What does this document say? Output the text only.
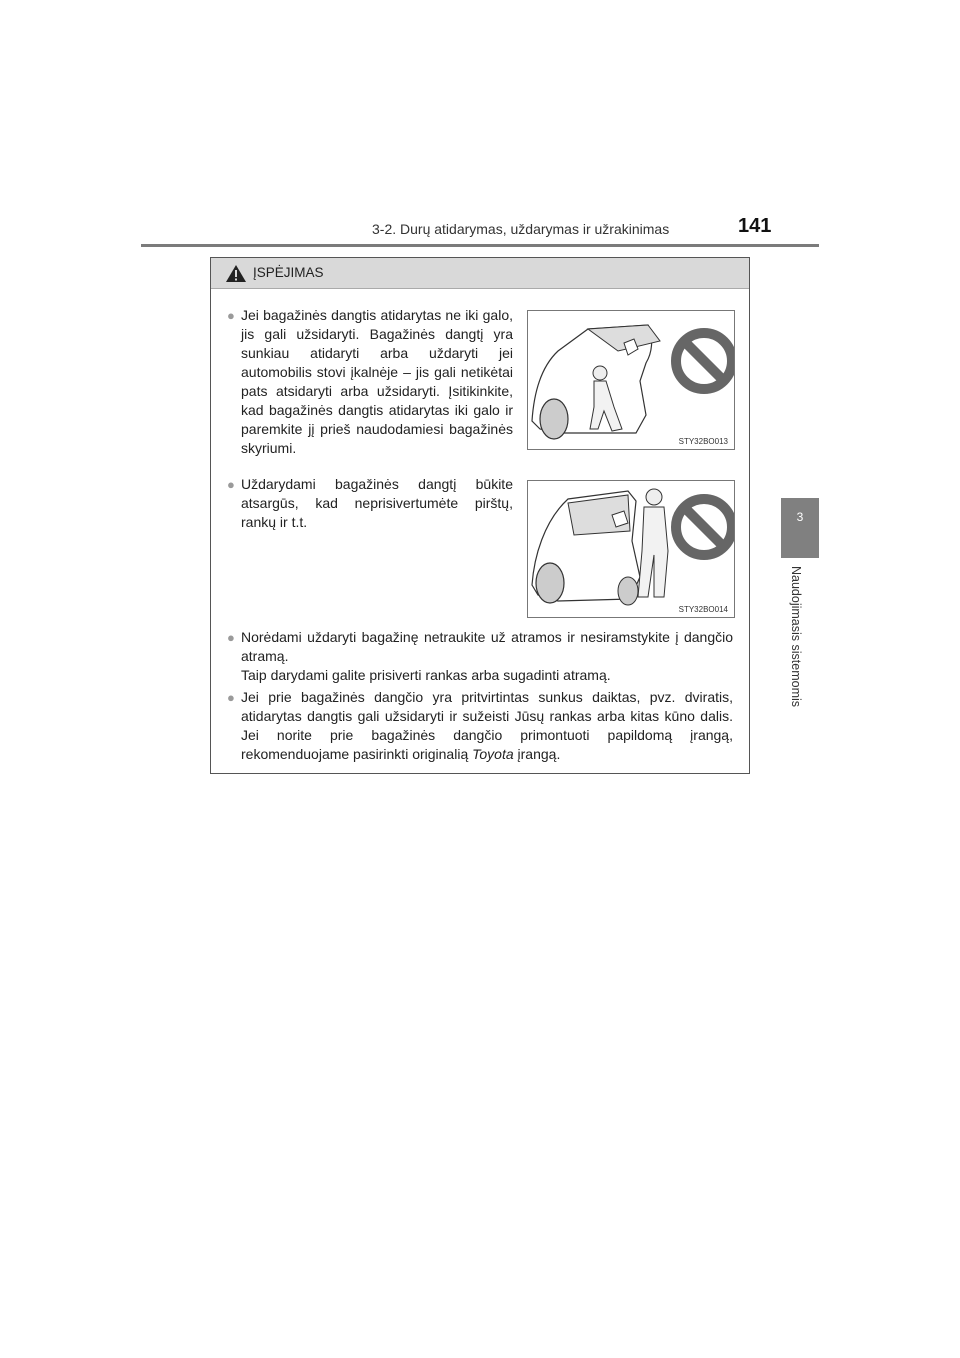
3-2. Durų atidarymas, uždarymas ir užrakinimas	141
3
Naudojimasis sistemomis
ĮSPĖJIMAS
● Jei bagažinės dangtis atidarytas ne iki galo, jis gali užsidaryti. Bagažinės dangtį yra sunkiau atidaryti arba uždaryti jei automobilis stovi įkalnėje – jis gali netikėtai pats atsidaryti arba užsidaryti. Įsitikinkite, kad bagažinės dangtis atidarytas iki galo ir paremkite jį prieš naudodamiesi bagažinės skyriumi.	STY32BO013
● Uždarydami bagažinės dangtį būkite atsargūs, kad neprisivertumėte pirštų, rankų ir t.t.
STY32BO014
● Norėdami uždaryti bagažinę netraukite už atramos ir nesiramstykite į dangčio atramą.
Taip darydami galite prisiverti rankas arba sugadinti atramą.
● Jei prie bagažinės dangčio yra pritvirtintas sunkus daiktas, pvz. dviratis, atidarytas dangtis gali užsidaryti ir sužeisti Jūsų rankas arba kitas kūno dalis. Jei norite prie bagažinės dangčio primontuoti papildomą įrangą, rekomenduojame pasirinkti originalią Toyota įrangą.
